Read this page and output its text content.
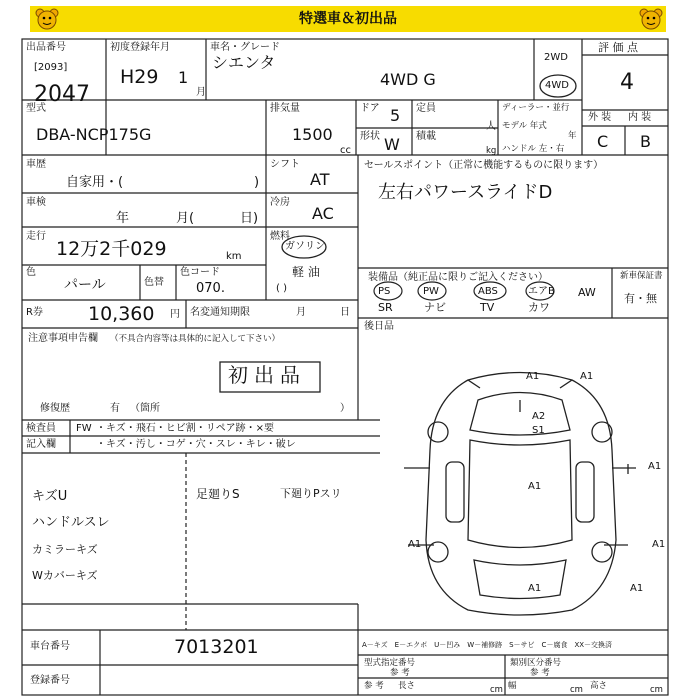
特選車＆初出品
出品番号
[2093]
2047
初度登録年月
H29 1
月
車名・グレード
シエンタ
4WD G
2WD
4WD
評 価 点
4
型式
DBA-NCP175G
排気量
1500
cc
ドア 5
形状 W
定員
人
積載
kg
ディーラー・並行
モデル 年式
年
ハンドル 左・右
外 装 内 装
C B
車歴
自家用・(	)
シフト
AT
車検
年	月(	日)
冷房
AC
走行
12万2千029	km
燃料
ガソリン
軽 油
( )
色
パール	色替
色コード
070.
R券 10,360 円 名変通知期限	月	日
注意事項申告欄 （不具合内容等は具体的に記入して下さい）
初出品
修復歴	有 （箇所	）
セールスポイント（正常に機能するものに限ります）
左右パワースライドD
装備品（純正品に限りご記入ください）
PS	PW	ABS	エアB AW
SR	ナビ	TV	カワ
新車保証書
有・無
後日品
検査員
記入欄
FW ・キズ・飛石・ヒビ割・リペア跡・×要
・キズ・汚し・コゲ・穴・スレ・キレ・破レ
キズU
ハンドルスレ
カミラーキズ
Wカバーキズ
足廻りS	下廻りPスリ
A1	A1
A2
S1
A1
A1
A1
A1
A1
A1
車台番号	7013201
登録番号
A－キズ　E－エクボ　U－凹み　W－補修跡　S－サビ　C－腐食　XX－交換済
型式指定番号
参 考
類別区分番号
参 考
参 考 長さ	cm 幅	cm 高さ	cm
